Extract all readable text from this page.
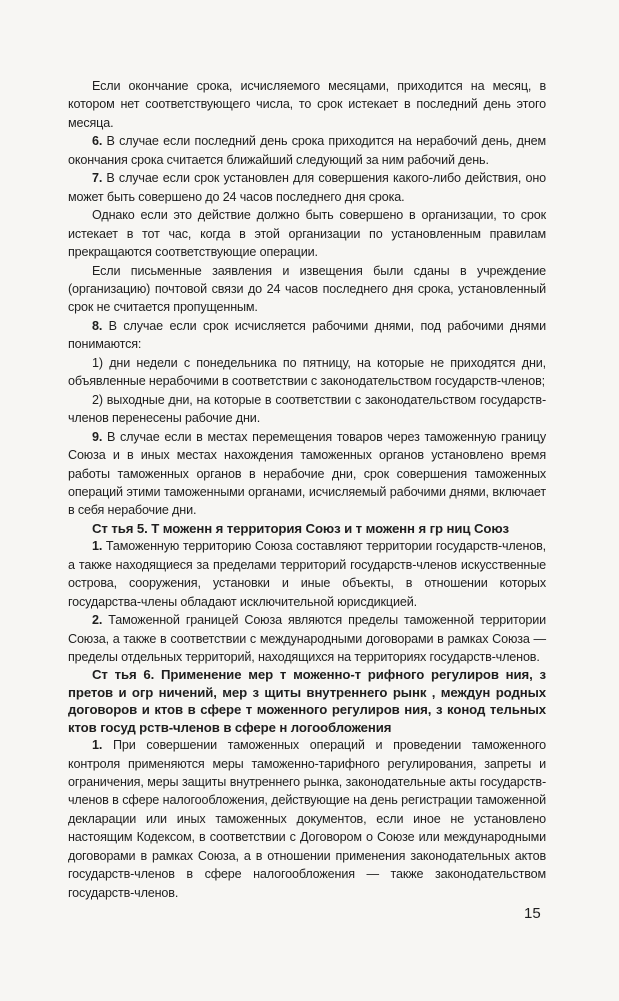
Если окончание срока, исчисляемого месяцами, приходится на месяц, в котором нет соответствующего числа, то срок истекает в последний день этого месяца.

6. В случае если последний день срока приходится на нерабочий день, днем окончания срока считается ближайший следующий за ним рабочий день.

7. В случае если срок установлен для совершения какого-либо действия, оно может быть совершено до 24 часов последнего дня срока.

Однако если это действие должно быть совершено в организации, то срок истекает в тот час, когда в этой организации по установленным правилам прекращаются соответствующие операции.

Если письменные заявления и извещения были сданы в учреждение (организацию) почтовой связи до 24 часов последнего дня срока, установленный срок не считается пропущенным.

8. В случае если срок исчисляется рабочими днями, под рабочими днями понимаются:

1) дни недели с понедельника по пятницу, на которые не приходятся дни, объявленные нерабочими в соответствии с законодательством государств-членов;

2) выходные дни, на которые в соответствии с законодательством государств-членов перенесены рабочие дни.

9. В случае если в местах перемещения товаров через таможенную границу Союза и в иных местах нахождения таможенных органов установлено время работы таможенных органов в нерабочие дни, срок совершения таможенных операций этими таможенными органами, исчисляемый рабочими днями, включает в себя нерабочие дни.

Ст тья 5. Т моженн я территория Союз и т моженн я гр ниц Союз

1. Таможенную территорию Союза составляют территории государств-членов, а также находящиеся за пределами территорий государств-членов искусственные острова, сооружения, установки и иные объекты, в отношении которых государства-члены обладают исключительной юрисдикцией.

2. Таможенной границей Союза являются пределы таможенной территории Союза, а также в соответствии с международными договорами в рамках Союза — пределы отдельных территорий, находящихся на территориях государств-членов.

Ст тья 6. Применение мер т моженно-т рифного регулиров ния, з претов и огр ничений, мер з щиты внутреннего рынк , междун родных договоров и ктов в сфере т моженного регулиров ния, з конод тельных ктов госуд рств-членов в сфере н логообложения

1. При совершении таможенных операций и проведении таможенного контроля применяются меры таможенно-тарифного регулирования, запреты и ограничения, меры защиты внутреннего рынка, законодательные акты государств-членов в сфере налогообложения, действующие на день регистрации таможенной декларации или иных таможенных документов, если иное не установлено настоящим Кодексом, в соответствии с Договором о Союзе или международными договорами в рамках Союза, а в отношении применения законодательных актов государств-членов в сфере налогообложения — также законодательством государств-членов.

15
